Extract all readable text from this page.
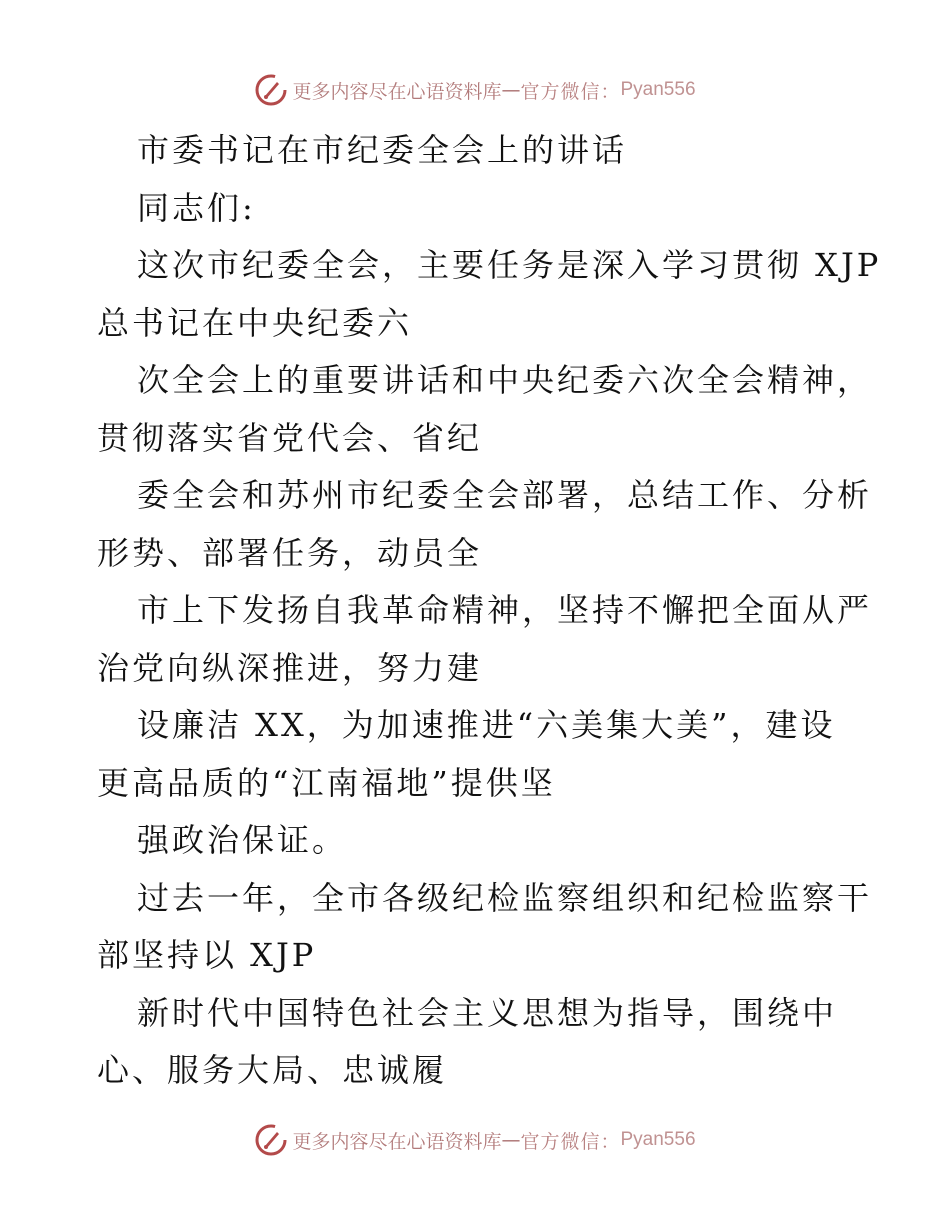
更多内容尽在心语资料库 — 官方微信： Pyan556

市委书记在市纪委全会上的讲话

同志们:

这次市纪委全会，主要任务是深入学习贯彻 XJP

总书记在中央纪委六

次全会上的重要讲话和中央纪委六次全会精神，

贯彻落实省党代会、省纪

委全会和苏州市纪委全会部署，总结工作、分析

形势、部署任务，动员全

市上下发扬自我革命精神，坚持不懈把全面从严

治党向纵深推进，努力建

设廉洁 XX，为加速推进“六美集大美”，建设

更高品质的“江南福地”提供坚

强政治保证。

过去一年，全市各级纪检监察组织和纪检监察干

部坚持以 XJP

新时代中国特色社会主义思想为指导，围绕中

心、服务大局、忠诚履

更多内容尽在心语资料库 — 官方微信： Pyan556
